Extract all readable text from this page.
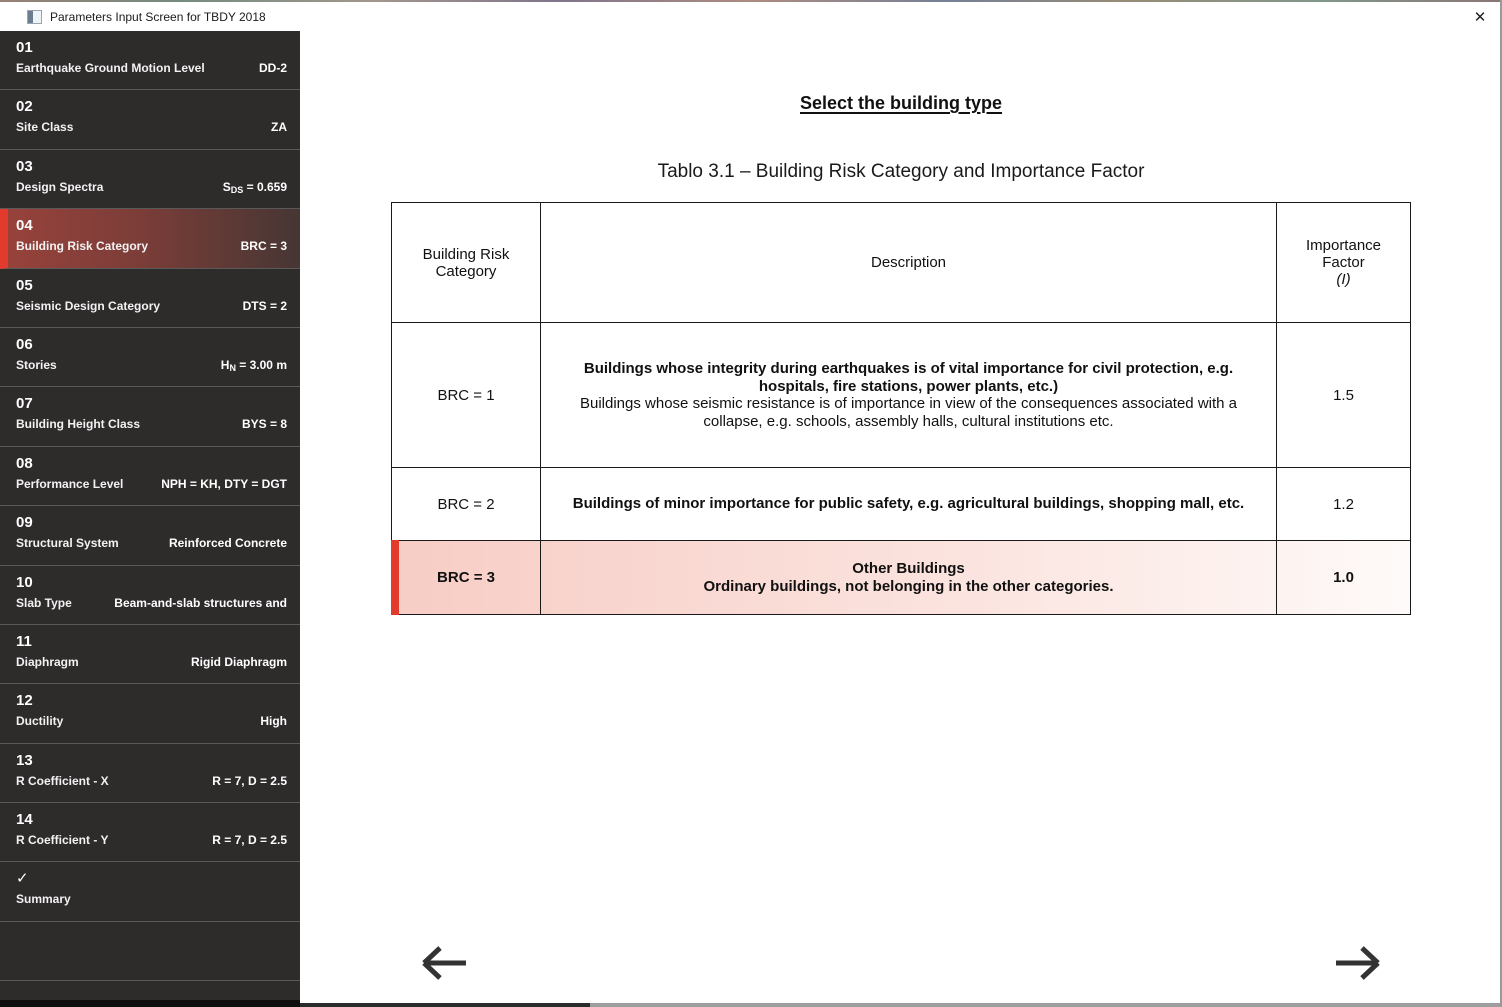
Parameters Input Screen for TBDY 2018	✕
01
Earthquake Ground Motion Level	DD-2
02
Site Class	ZA
03
Design Spectra	$S_{DS} = 0.659$
04
Building Risk Category	BRC = 3
05
Seismic Design Category	DTS = 2
06
Stories	$H_N = 3.00$ m
07
Building Height Class	BYS = 8
08
Performance Level	NPH = KH, DTY = DGT
09
Structural System	Reinforced Concrete
10
Slab Type	Beam-and-slab structures and
11
Diaphragm	Rigid Diaphragm
12
Ductility	High
13
R Coefficient - X	R = 7, D = 2.5
14
R Coefficient - Y	R = 7, D = 2.5
✓
Summary
Select the building type
Tablo 3.1 – Building Risk Category and Importance Factor
Building Risk Category	Description	Importance
Factor
(I)

BRC = 1	Buildings whose integrity during earthquakes is of vital importance for civil protection, e.g. hospitals, fire stations, power plants, etc.)
Buildings whose seismic resistance is of importance in view of the consequences associated with a collapse, e.g. schools, assembly halls, cultural institutions etc.	1.5
BRC = 2	Buildings of minor importance for public safety, e.g. agricultural buildings, shopping mall, etc.	1.2

BRC = 3	Other Buildings
Ordinary buildings, not belonging in the other categories.	1.0
